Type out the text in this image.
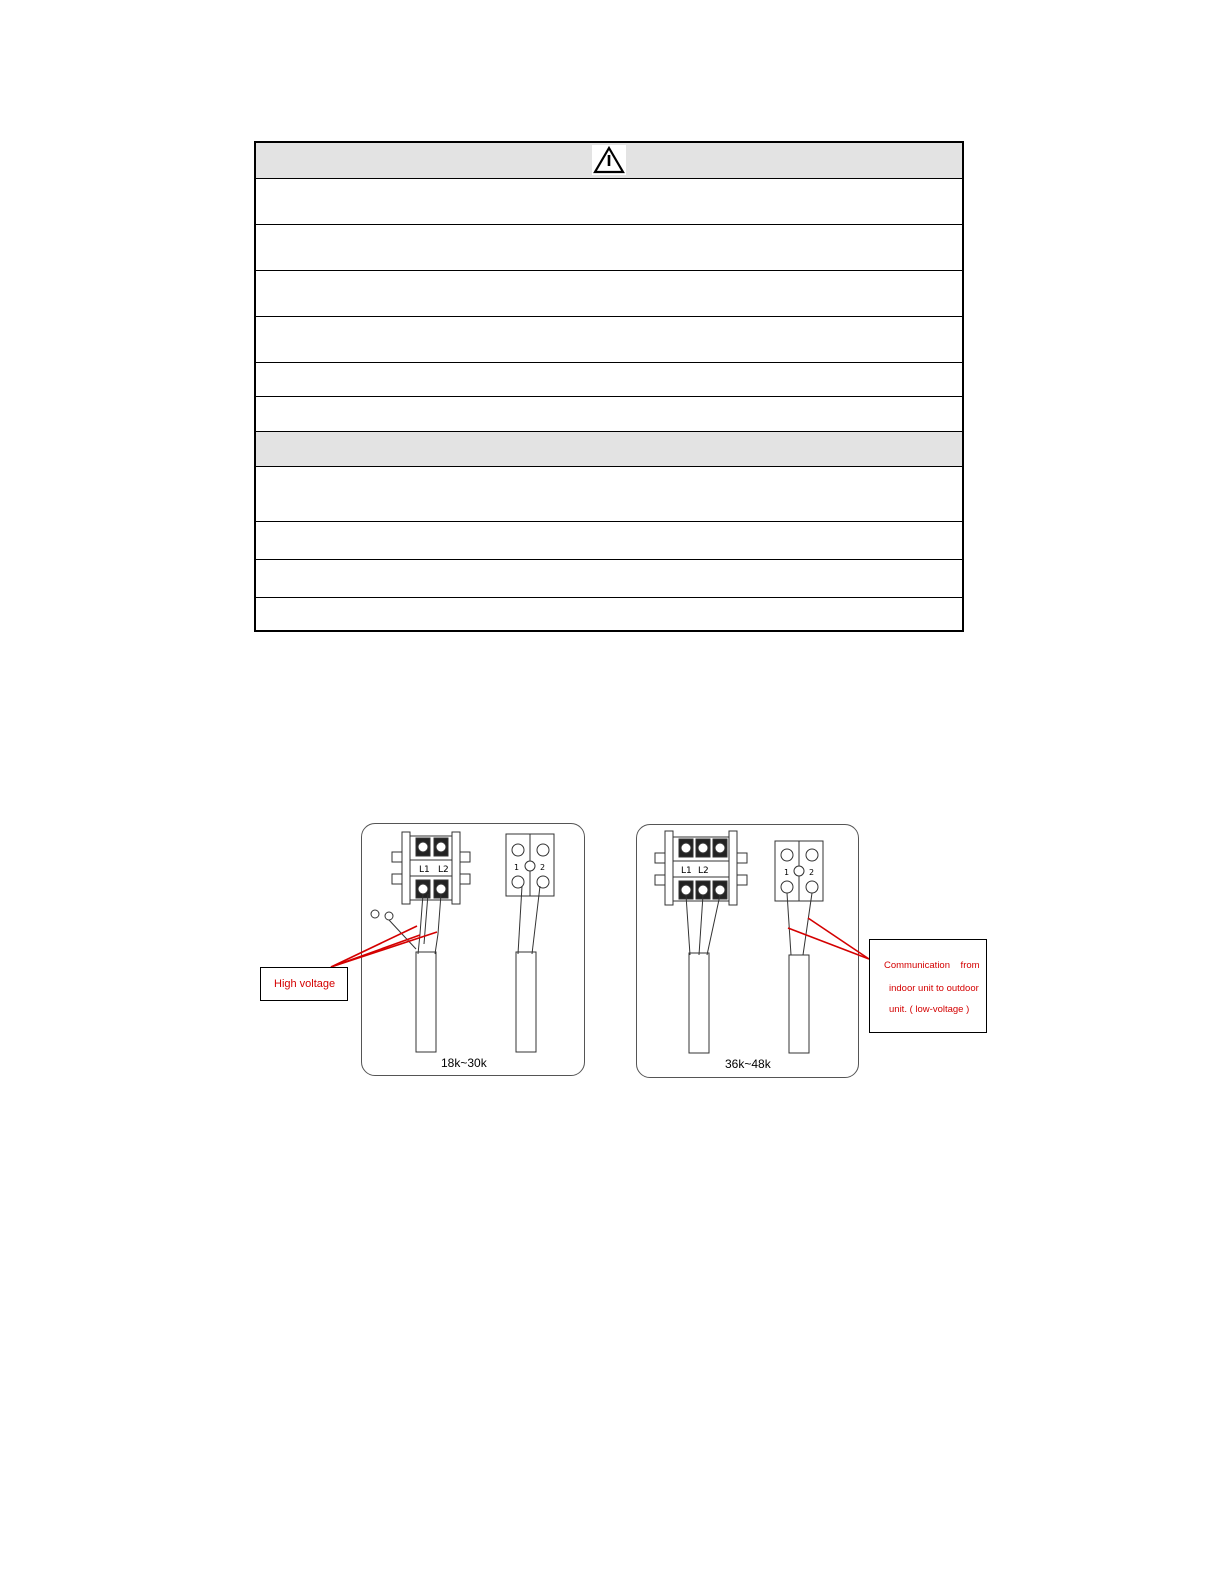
L1 L2	1	2
18k~30k
L1 L2	1 2
36k~48k
High voltage
Communication    from
indoor unit to outdoor
unit. ( low-voltage )
